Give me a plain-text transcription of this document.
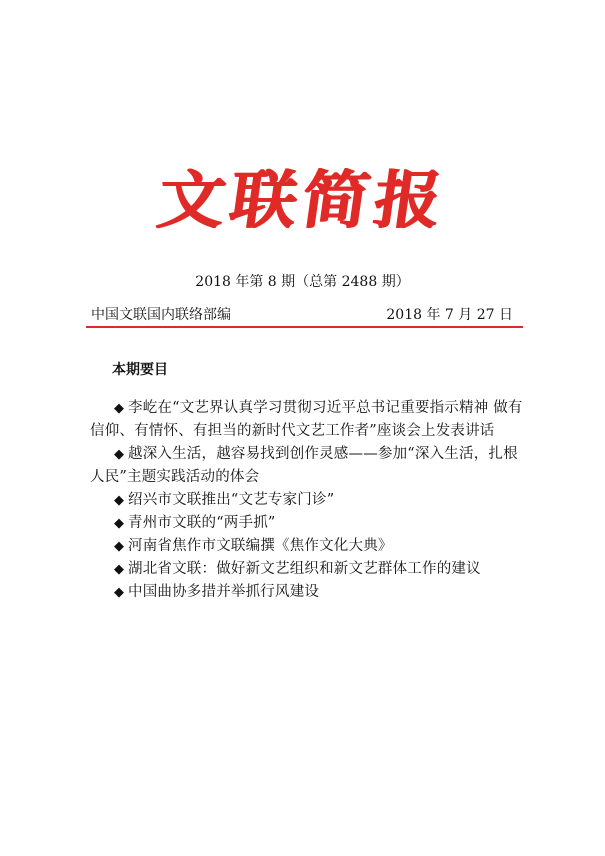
文联简报
2018 年第 8 期（总第 2488 期）
中国文联国内联络部编	2018 年 7 月 27 日
本期要目
◆ 李屹在“文艺界认真学习贯彻习近平总书记重要指示精神 做有信仰、有情怀、有担当的新时代文艺工作者”座谈会上发表讲话
◆ 越深入生活，越容易找到创作灵感——参加“深入生活，扎根人民”主题实践活动的体会
◆ 绍兴市文联推出“文艺专家门诊”
◆ 青州市文联的“两手抓”
◆ 河南省焦作市文联编撰《焦作文化大典》
◆ 湖北省文联：做好新文艺组织和新文艺群体工作的建议
◆ 中国曲协多措并举抓行风建设
